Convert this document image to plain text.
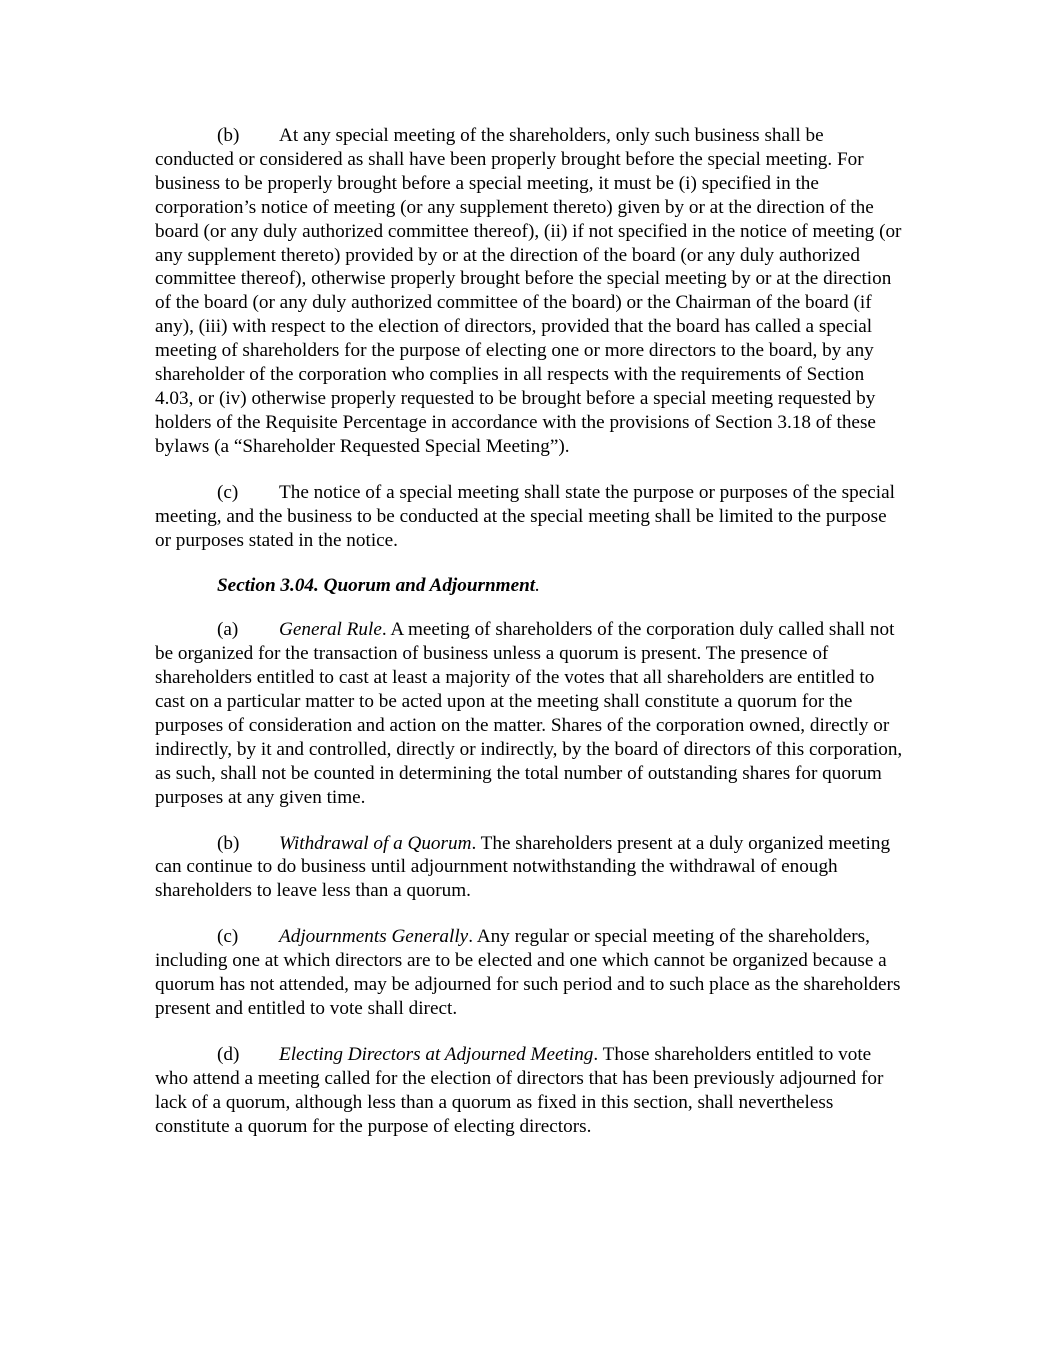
(b) At any special meeting of the shareholders, only such business shall be conducted or considered as shall have been properly brought before the special meeting. For business to be properly brought before a special meeting, it must be (i) specified in the corporation’s notice of meeting (or any supplement thereto) given by or at the direction of the board (or any duly authorized committee thereof), (ii) if not specified in the notice of meeting (or any supplement thereto) provided by or at the direction of the board (or any duly authorized committee thereof), otherwise properly brought before the special meeting by or at the direction of the board (or any duly authorized committee of the board) or the Chairman of the board (if any), (iii) with respect to the election of directors, provided that the board has called a special meeting of shareholders for the purpose of electing one or more directors to the board, by any shareholder of the corporation who complies in all respects with the requirements of Section 4.03, or (iv) otherwise properly requested to be brought before a special meeting requested by holders of the Requisite Percentage in accordance with the provisions of Section 3.18 of these bylaws (a “Shareholder Requested Special Meeting”).

(c) The notice of a special meeting shall state the purpose or purposes of the special meeting, and the business to be conducted at the special meeting shall be limited to the purpose or purposes stated in the notice.

Section 3.04. Quorum and Adjournment.

(a) General Rule. A meeting of shareholders of the corporation duly called shall not be organized for the transaction of business unless a quorum is present. The presence of shareholders entitled to cast at least a majority of the votes that all shareholders are entitled to cast on a particular matter to be acted upon at the meeting shall constitute a quorum for the purposes of consideration and action on the matter. Shares of the corporation owned, directly or indirectly, by it and controlled, directly or indirectly, by the board of directors of this corporation, as such, shall not be counted in determining the total number of outstanding shares for quorum purposes at any given time.

(b) Withdrawal of a Quorum. The shareholders present at a duly organized meeting can continue to do business until adjournment notwithstanding the withdrawal of enough shareholders to leave less than a quorum.

(c) Adjournments Generally. Any regular or special meeting of the shareholders, including one at which directors are to be elected and one which cannot be organized because a quorum has not attended, may be adjourned for such period and to such place as the shareholders present and entitled to vote shall direct.

(d) Electing Directors at Adjourned Meeting. Those shareholders entitled to vote who attend a meeting called for the election of directors that has been previously adjourned for lack of a quorum, although less than a quorum as fixed in this section, shall nevertheless constitute a quorum for the purpose of electing directors.
